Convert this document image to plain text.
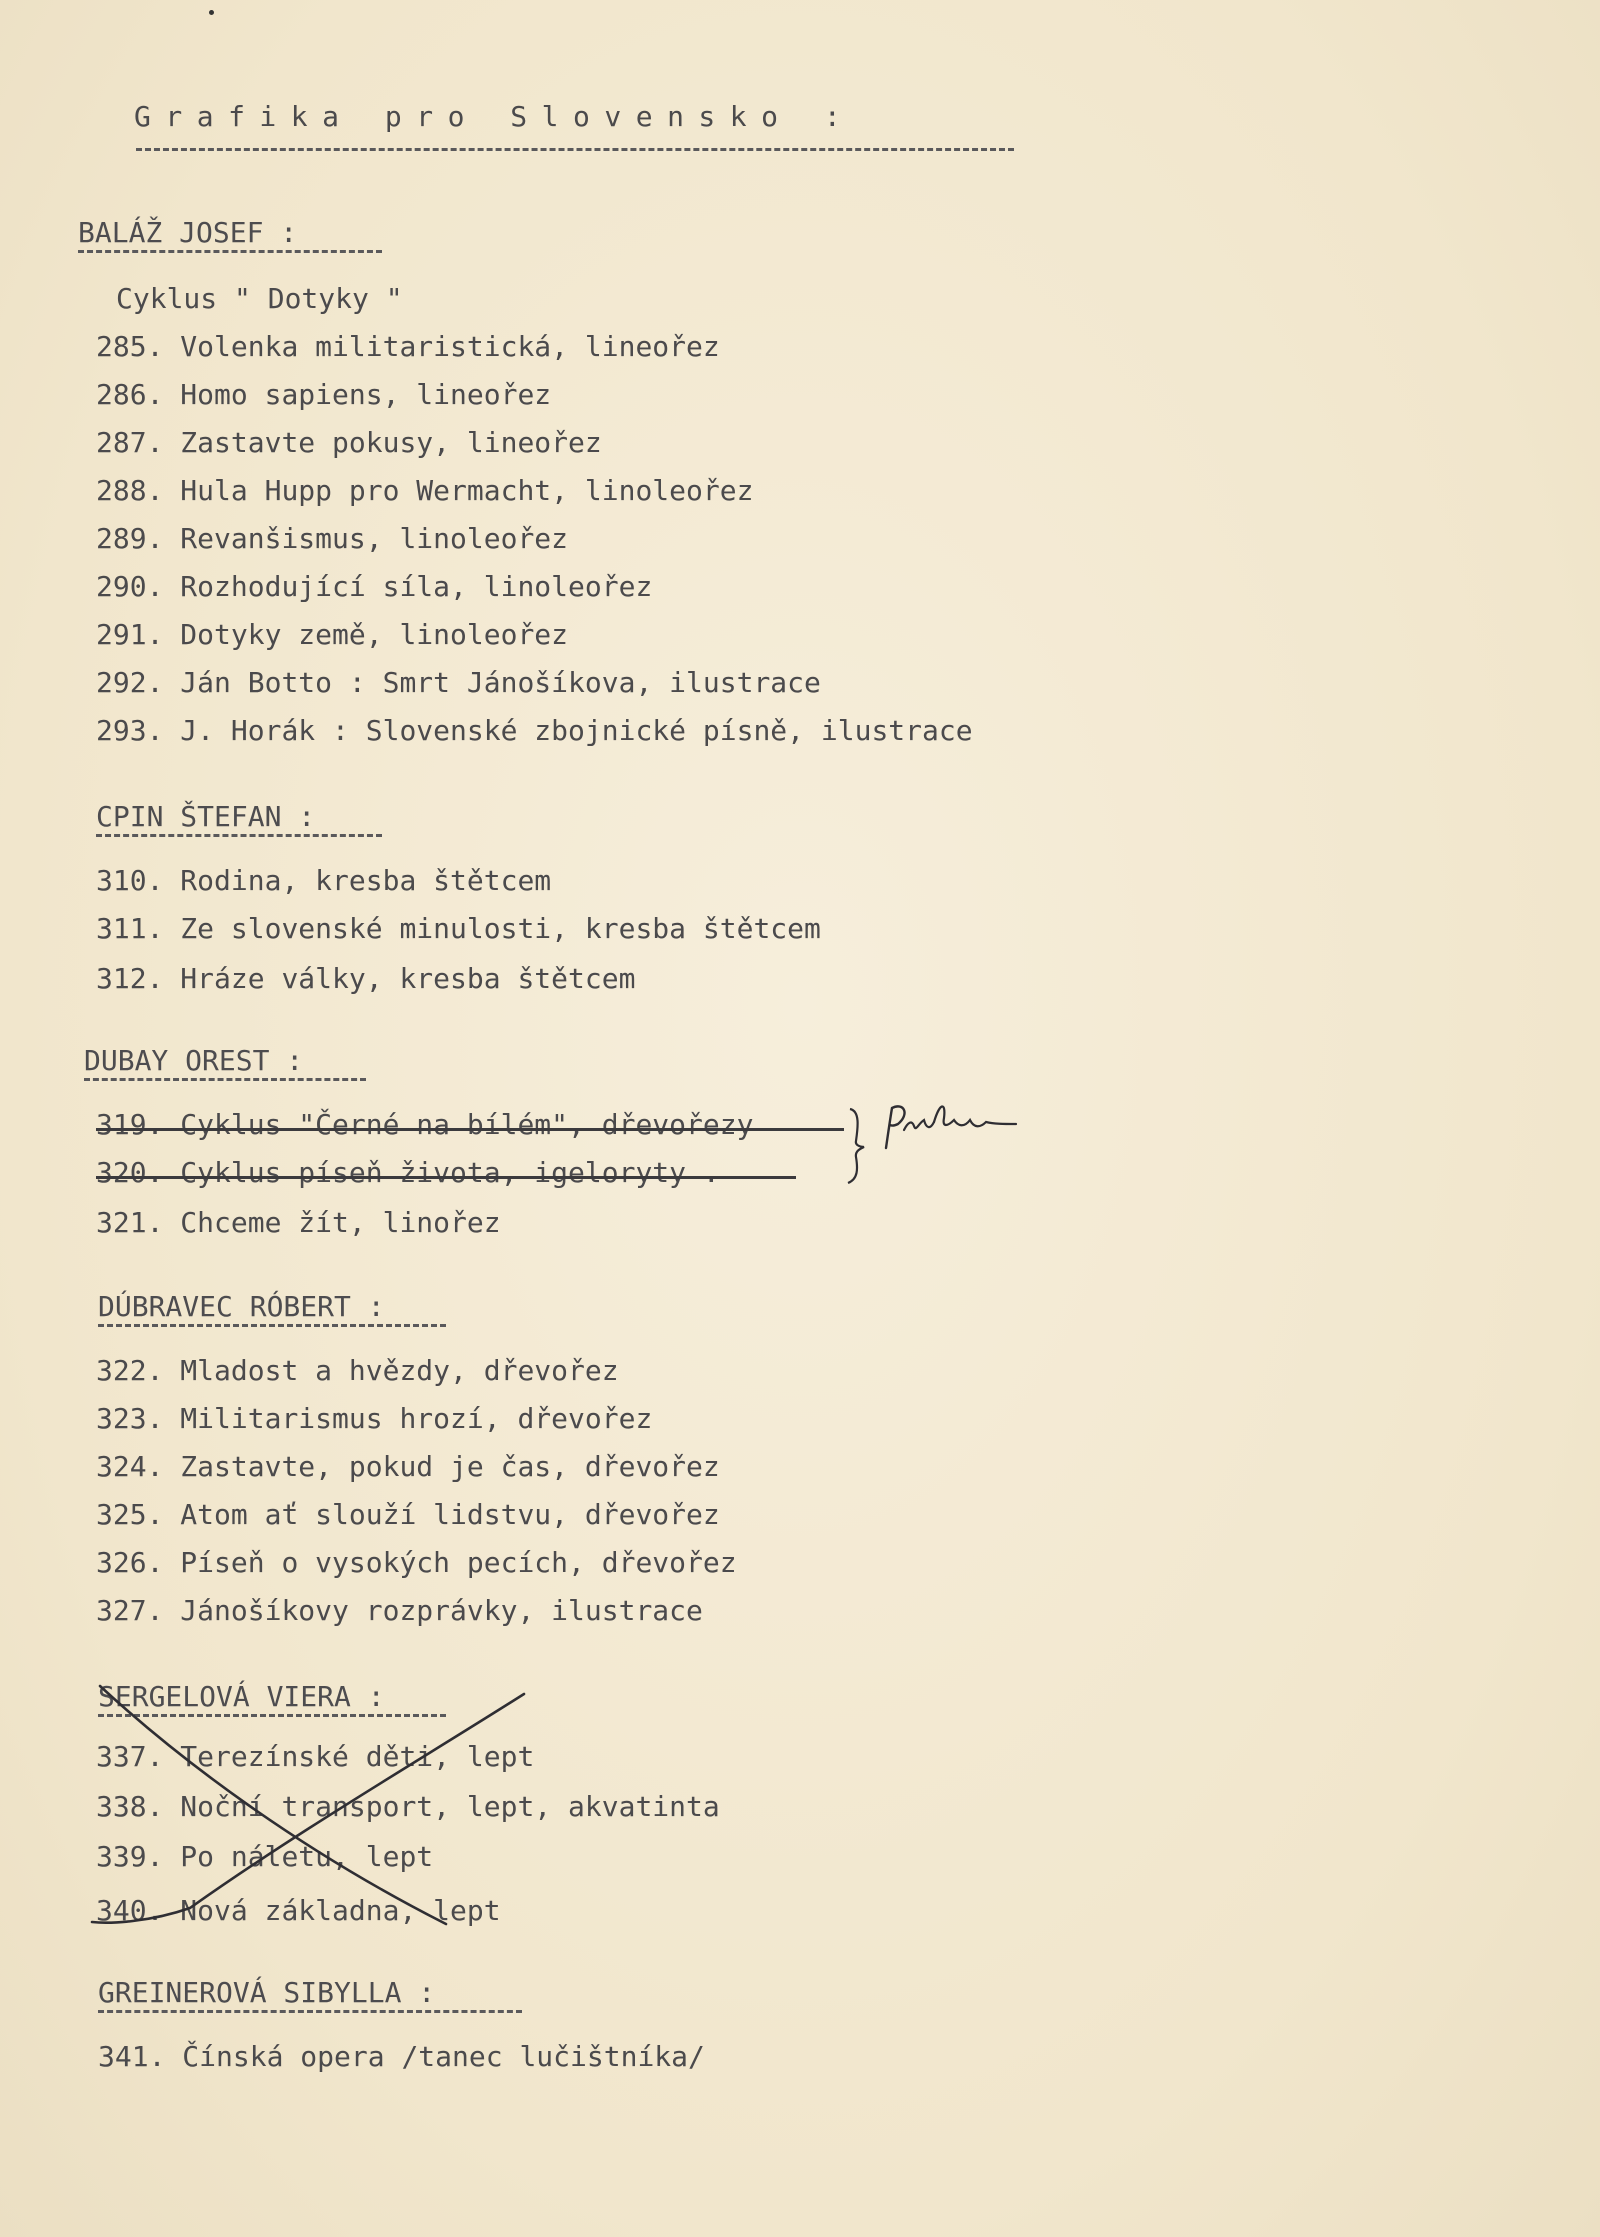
Grafika pro Slovensko :
BALÁŽ JOSEF :
Cyklus " Dotyky "
285. Volenka militaristická, lineořez
286. Homo sapiens, lineořez
287. Zastavte pokusy, lineořez
288. Hula Hupp pro Wermacht, linoleořez
289. Revanšismus, linoleořez
290. Rozhodující síla, linoleořez
291. Dotyky země, linoleořez
292. Ján Botto : Smrt Jánošíkova, ilustrace
293. J. Horák : Slovenské zbojnické písně, ilustrace
CPIN ŠTEFAN :
310. Rodina, kresba štětcem
311. Ze slovenské minulosti, kresba štětcem
312. Hráze války, kresba štětcem
DUBAY OREST :
319. Cyklus "Černé na bílém", dřevořezy
320. Cyklus píseň života, igeloryty .	Praha
321. Chceme žít, linořez
DÚBRAVEC RÓBERT :
322. Mladost a hvězdy, dřevořez
323. Militarismus hrozí, dřevořez
324. Zastavte, pokud je čas, dřevořez
325. Atom ať slouží lidstvu, dřevořez
326. Píseň o vysokých pecích, dřevořez
327. Jánošíkovy rozprávky, ilustrace
SERGELOVÁ VIERA :
337. Terezínské děti, lept
338. Noční transport, lept, akvatinta
339. Po náletu, lept
340. Nová základna, lept
GREINEROVÁ SIBYLLA :
341. Čínská opera /tanec lučištníka/
